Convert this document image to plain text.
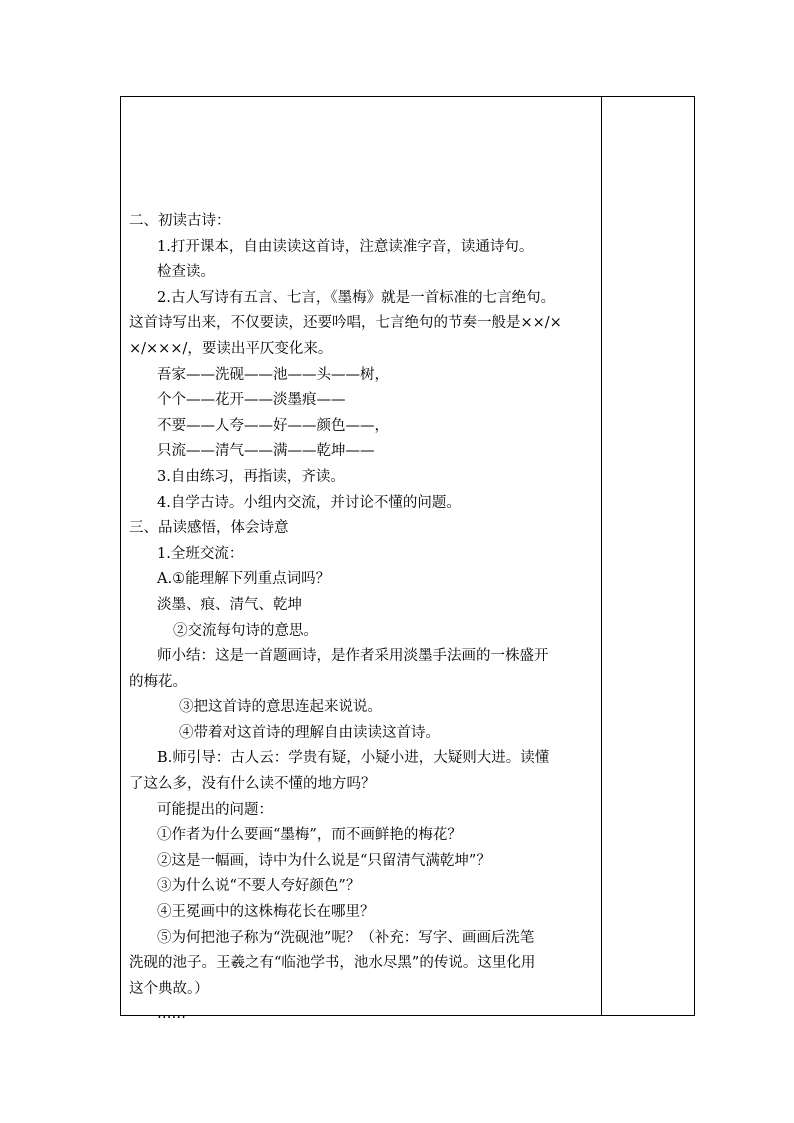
二、初读古诗：
1.打开课本，自由读读这首诗，注意读准字音，读通诗句。
检查读。
2.古人写诗有五言、七言，《墨梅》就是一首标准的七言绝句。
这首诗写出来，不仅要读，还要吟唱，七言绝句的节奏一般是××/×
×/×××/，要读出平仄变化来。
吾家——洗砚——池——头——树，
个个——花开——淡墨痕——
不要——人夸——好——颜色——，
只流——清气——满——乾坤——
3.自由练习，再指读，齐读。
4.自学古诗。小组内交流，并讨论不懂的问题。
三、品读感悟，体会诗意
1.全班交流：
A.①能理解下列重点词吗？
淡墨、痕、清气、乾坤
②交流每句诗的意思。
师小结：这是一首题画诗，是作者采用淡墨手法画的一株盛开
的梅花。
③把这首诗的意思连起来说说。
④带着对这首诗的理解自由读读这首诗。
B.师引导：古人云：学贵有疑，小疑小进，大疑则大进。读懂
了这么多，没有什么读不懂的地方吗？
可能提出的问题：
①作者为什么要画“墨梅”，而不画鲜艳的梅花？
②这是一幅画，诗中为什么说是“只留清气满乾坤”？
③为什么说“不要人夸好颜色”？
④王冕画中的这株梅花长在哪里？
⑤为何把池子称为“洗砚池”呢？（补充：写字、画画后洗笔
洗砚的池子。王羲之有“临池学书，池水尽黑”的传说。这里化用
这个典故。）
……
